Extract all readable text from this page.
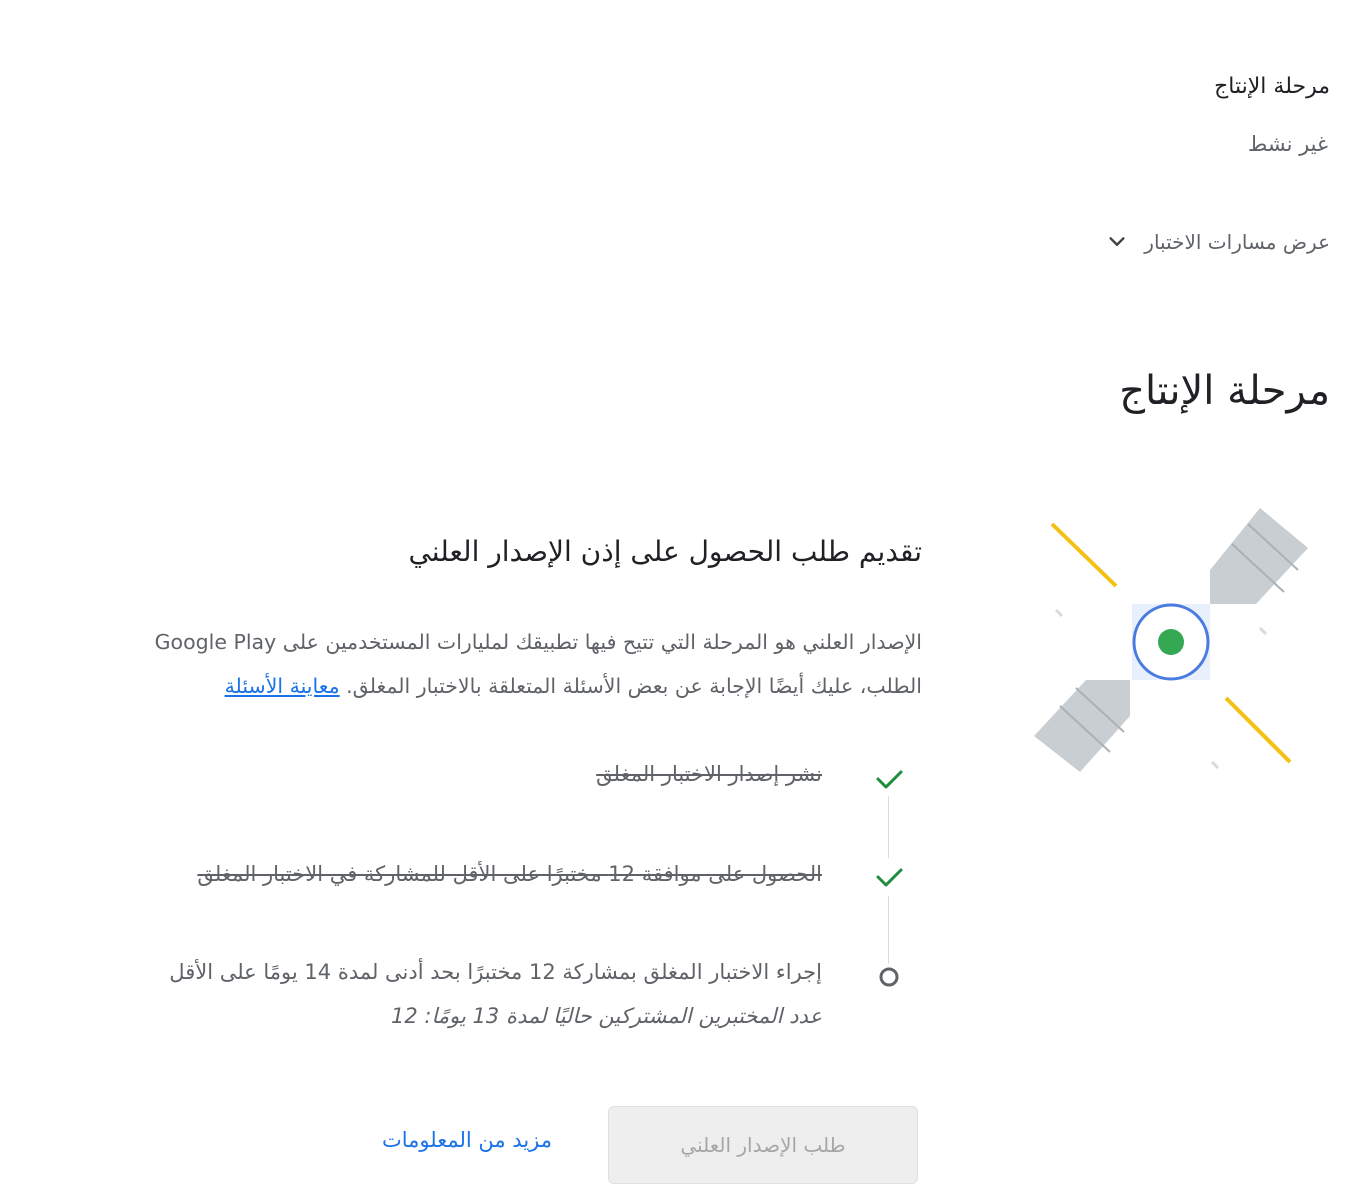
مرحلة الإنتاج
غير نشط
عرض مسارات الاختبار
مرحلة الإنتاج
تقديم طلب الحصول على إذن الإصدار العلني
الإصدار العلني هو المرحلة التي تتيح فيها تطبيقك لمليارات المستخدمين على Google Play
الطلب، عليك أيضًا الإجابة عن بعض الأسئلة المتعلقة بالاختبار المغلق. معاينة الأسئلة
نشر إصدار الاختبار المغلق
الحصول على موافقة 12 مختبرًا على الأقل للمشاركة في الاختبار المغلق
إجراء الاختبار المغلق بمشاركة 12 مختبرًا بحد أدنى لمدة 14 يومًا على الأقل
عدد المختبرين المشتركين حاليًا لمدة 13 يومًا: 12
طلب الإصدار العلني
مزيد من المعلومات
